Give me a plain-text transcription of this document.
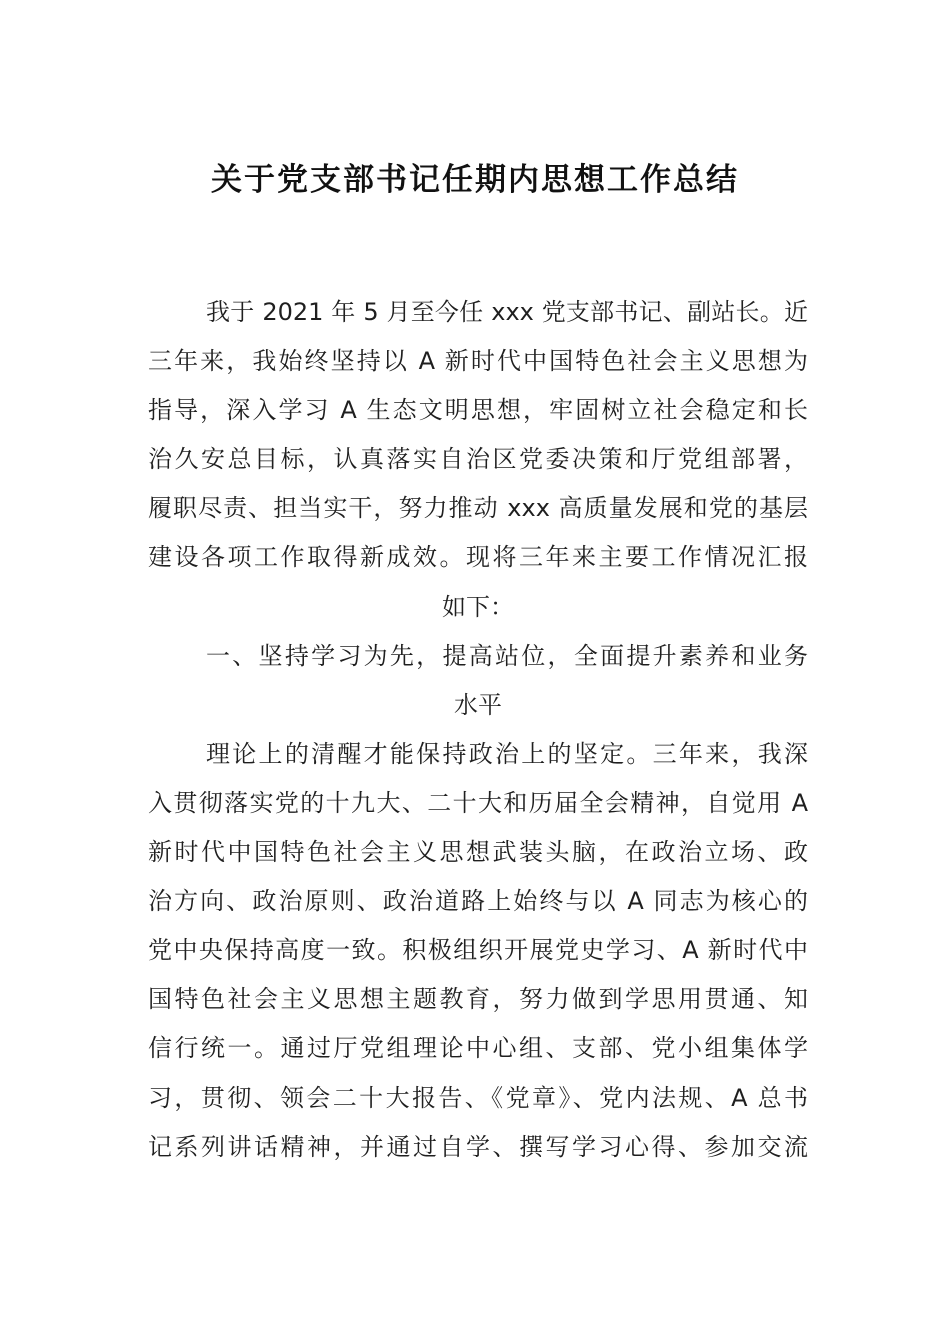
关于党支部书记任期内思想工作总结
我于 2021 年 5 月至今任 xxx 党支部书记、副站长。近
三年来，我始终坚持以 A 新时代中国特色社会主义思想为
指导，深入学习 A 生态文明思想，牢固树立社会稳定和长
治久安总目标，认真落实自治区党委决策和厅党组部署，
履职尽责、担当实干，努力推动 xxx 高质量发展和党的基层
建设各项工作取得新成效。现将三年来主要工作情况汇报
如下：
一、坚持学习为先，提高站位，全面提升素养和业务
水平
理论上的清醒才能保持政治上的坚定。三年来，我深
入贯彻落实党的十九大、二十大和历届全会精神，自觉用 A
新时代中国特色社会主义思想武装头脑，在政治立场、政
治方向、政治原则、政治道路上始终与以 A 同志为核心的
党中央保持高度一致。积极组织开展党史学习、A 新时代中
国特色社会主义思想主题教育，努力做到学思用贯通、知
信行统一。通过厅党组理论中心组、支部、党小组集体学
习，贯彻、领会二十大报告、《党章》、党内法规、A 总书
记系列讲话精神，并通过自学、撰写学习心得、参加交流
